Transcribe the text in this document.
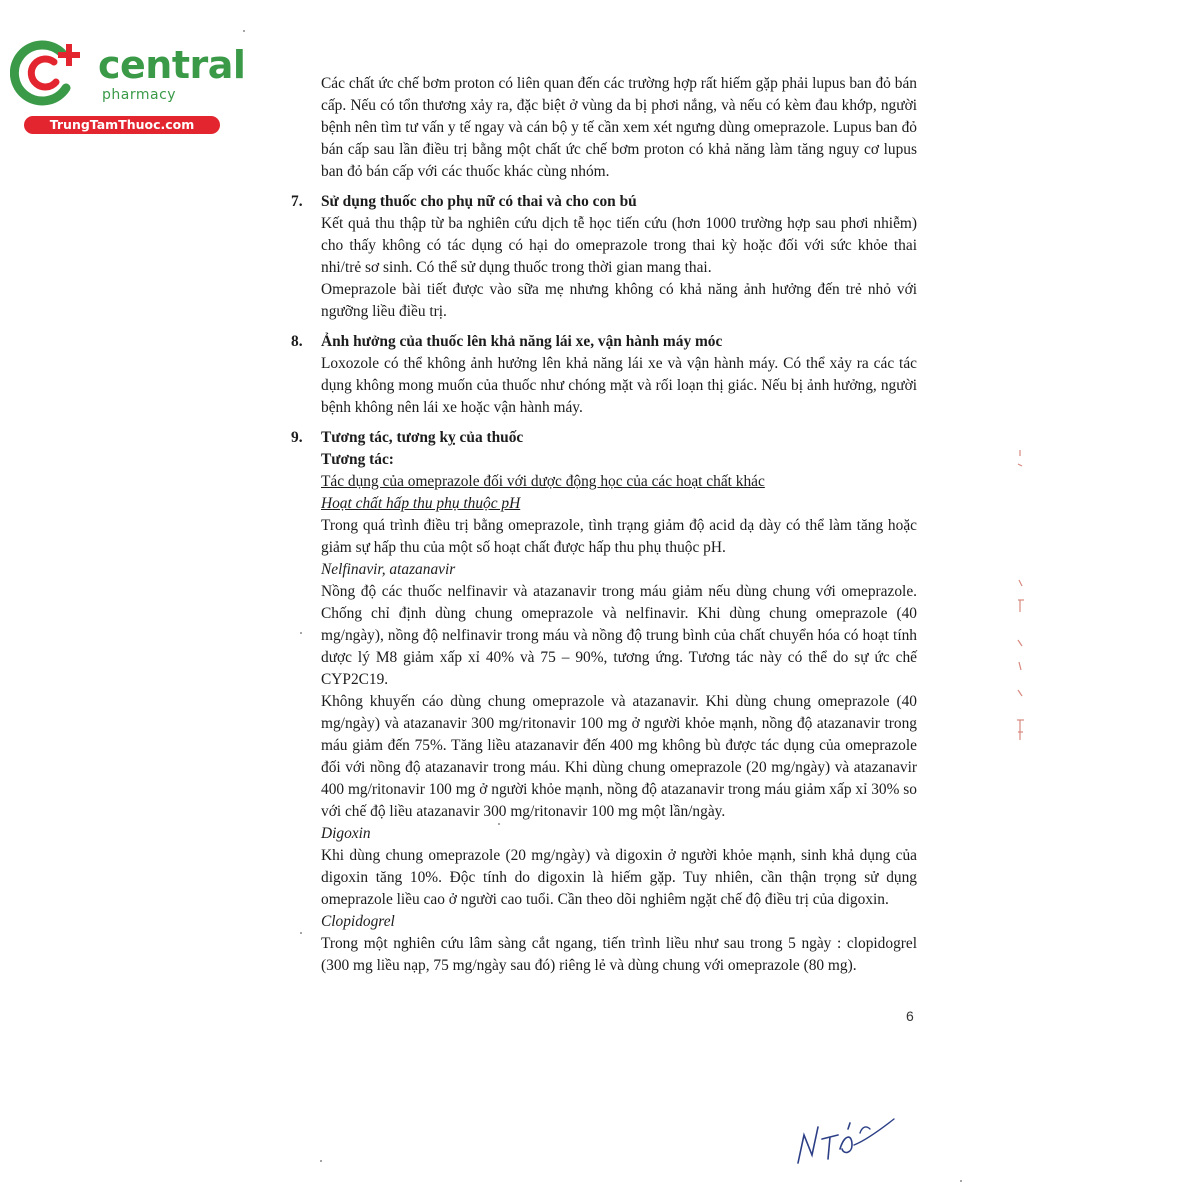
central
pharmacy
TrungTamThuoc.com

Các chất ức chế bơm proton có liên quan đến các trường hợp rất hiếm gặp phải lupus ban đỏ bán cấp. Nếu có tổn thương xảy ra, đặc biệt ở vùng da bị phơi nắng, và nếu có kèm đau khớp, người bệnh nên tìm tư vấn y tế ngay và cán bộ y tế cần xem xét ngưng dùng omeprazole. Lupus ban đỏ bán cấp sau lần điều trị bằng một chất ức chế bơm proton có khả năng làm tăng nguy cơ lupus ban đỏ bán cấp với các thuốc khác cùng nhóm.

7. Sử dụng thuốc cho phụ nữ có thai và cho con bú

Kết quả thu thập từ ba nghiên cứu dịch tễ học tiến cứu (hơn 1000 trường hợp sau phơi nhiễm) cho thấy không có tác dụng có hại do omeprazole trong thai kỳ hoặc đối với sức khỏe thai nhi/trẻ sơ sinh. Có thể sử dụng thuốc trong thời gian mang thai.

Omeprazole bài tiết được vào sữa mẹ nhưng không có khả năng ảnh hưởng đến trẻ nhỏ với ngưỡng liều điều trị.

8. Ảnh hưởng của thuốc lên khả năng lái xe, vận hành máy móc

Loxozole có thể không ảnh hưởng lên khả năng lái xe và vận hành máy. Có thể xảy ra các tác dụng không mong muốn của thuốc như chóng mặt và rối loạn thị giác. Nếu bị ảnh hưởng, người bệnh không nên lái xe hoặc vận hành máy.

9. Tương tác, tương kỵ của thuốc

Tương tác:

Tác dụng của omeprazole đối với dược động học của các hoạt chất khác

Hoạt chất hấp thu phụ thuộc pH

Trong quá trình điều trị bằng omeprazole, tình trạng giảm độ acid dạ dày có thể làm tăng hoặc giảm sự hấp thu của một số hoạt chất được hấp thu phụ thuộc pH.

Nelfinavir, atazanavir

Nồng độ các thuốc nelfinavir và atazanavir trong máu giảm nếu dùng chung với omeprazole. Chống chỉ định dùng chung omeprazole và nelfinavir. Khi dùng chung omeprazole (40 mg/ngày), nồng độ nelfinavir trong máu và nồng độ trung bình của chất chuyển hóa có hoạt tính dược lý M8 giảm xấp xỉ 40% và 75 – 90%, tương ứng. Tương tác này có thể do sự ức chế CYP2C19.

Không khuyến cáo dùng chung omeprazole và atazanavir. Khi dùng chung omeprazole (40 mg/ngày) và atazanavir 300 mg/ritonavir 100 mg ở người khỏe mạnh, nồng độ atazanavir trong máu giảm đến 75%. Tăng liều atazanavir đến 400 mg không bù được tác dụng của omeprazole đối với nồng độ atazanavir trong máu. Khi dùng chung omeprazole (20 mg/ngày) và atazanavir 400 mg/ritonavir 100 mg ở người khỏe mạnh, nồng độ atazanavir trong máu giảm xấp xỉ 30% so với chế độ liều atazanavir 300 mg/ritonavir 100 mg một lần/ngày.

Digoxin

Khi dùng chung omeprazole (20 mg/ngày) và digoxin ở người khỏe mạnh, sinh khả dụng của digoxin tăng 10%. Độc tính do digoxin là hiếm gặp. Tuy nhiên, cần thận trọng sử dụng omeprazole liều cao ở người cao tuổi. Cần theo dõi nghiêm ngặt chế độ điều trị của digoxin.

Clopidogrel

Trong một nghiên cứu lâm sàng cắt ngang, tiến trình liều như sau trong 5 ngày : clopidogrel (300 mg liều nạp, 75 mg/ngày sau đó) riêng lẻ và dùng chung với omeprazole (80 mg).

6
